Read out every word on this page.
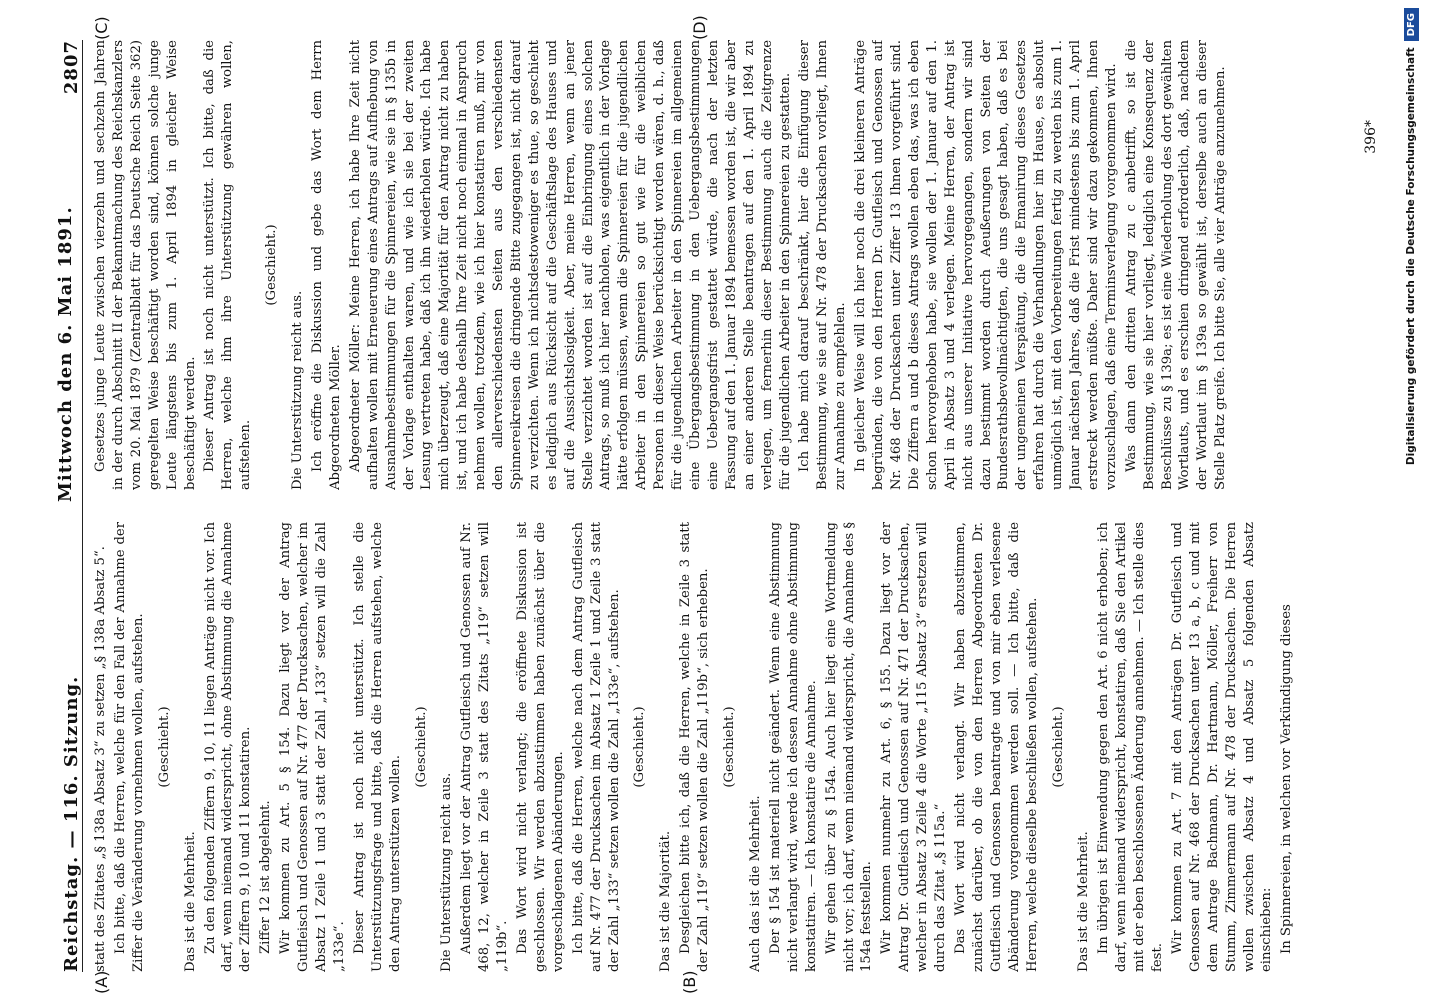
Reichstag. — 116. Sitzung.
Mittwoch den 6. Mai 1891.
2807
(A)	(B)
(C)	(D)

statt des Zitates „§ 138a Absatz 3“ zu setzen „§ 138a Absatz 5“. Ich bitte, daß die Herren, welche für den Fall der Annahme der Ziffer die Veränderung vornehmen wollen, aufstehen. (Geschieht.)

Das ist die Mehrheit. Zu den folgenden Ziffern 9, 10, 11 liegen Anträge nicht vor. Ich darf, wenn niemand widerspricht, ohne Abstimmung die Annahme der Ziffern 9, 10 und 11 konstatiren. Ziffer 12 ist abgelehnt. Wir kommen zu Art. 5 § 154. Dazu liegt vor der Antrag Gutfleisch und Genossen auf Nr. 477 der Drucksachen, welcher im Absatz 1 Zeile 1 und 3 statt der Zahl „133“ setzen will die Zahl „133e“. Dieser Antrag ist noch nicht unterstützt. Ich stelle die Unterstützungsfrage und bitte, daß die Herren aufstehen, welche den Antrag unterstützen wollen.

(Geschieht.)

Die Unterstützung reicht aus. Außerdem liegt vor der Antrag Gutfleisch und Genossen auf Nr. 468, 12, welcher in Zeile 3 statt des Zitats „119“ setzen will „119b“. Das Wort wird nicht verlangt; die eröffnete Diskussion ist geschlossen. Wir werden abzustimmen haben zunächst über die vorgeschlagenen Abänderungen. Ich bitte, daß die Herren, welche nach dem Antrag Gutfleisch auf Nr. 477 der Drucksachen im Absatz 1 Zeile 1 und Zeile 3 statt der Zahl „133“ setzen wollen die Zahl „133e“, aufstehen. (Geschieht.)

Das ist die Majorität. Desgleichen bitte ich, daß die Herren, welche in Zeile 3 statt der Zahl „119“ setzen wollen die Zahl „119b“, sich erheben. (Geschieht.)

Auch das ist die Mehrheit. Der § 154 ist materiell nicht geändert. Wenn eine Abstimmung nicht verlangt wird, werde ich dessen Annahme ohne Abstimmung konstatiren. — Ich konstatire die Annahme. Wir gehen über zu § 154a. Auch hier liegt eine Wortmeldung nicht vor; ich darf, wenn niemand widerspricht, die Annahme des § 154a feststellen. Wir kommen nunmehr zu Art. 6, § 155. Dazu liegt vor der Antrag Dr. Gutfleisch und Genossen auf Nr. 471 der Drucksachen, welcher in Absatz 3 Zeile 4 die Worte „115 Absatz 3“ ersetzen will durch das Zitat „§ 115a.“ Das Wort wird nicht verlangt. Wir haben abzustimmen, zunächst darüber, ob die von den Herren Abgeordneten Dr. Gutfleisch und Genossen beantragte und von mir eben verlesene Abänderung vorgenommen werden soll. — Ich bitte, daß die Herren, welche dieselbe beschließen wollen, aufstehen. (Geschieht.)

Das ist die Mehrheit. Im übrigen ist Einwendung gegen den Art. 6 nicht erhoben; ich darf, wenn niemand widerspricht, konstatiren, daß Sie den Artikel mit der eben beschlossenen Änderung annehmen. — Ich stelle dies fest.

Wir kommen zu Art. 7 mit den Anträgen Dr. Gutfleisch und Genossen auf Nr. 468 der Drucksachen unter 13 a, b, c und mit dem Antrage Bachmann, Dr. Hartmann, Möller, Freiherr von Stumm, Zimmermann auf Nr. 478 der Drucksachen. Die Herren wollen zwischen Absatz 4 und Absatz 5 folgenden Absatz einschieben: In Spinnereien, in welchen vor Verkündigung dieses

Gesetzes junge Leute zwischen vierzehn und sechzehn Jahren in der durch Abschnitt II der Bekanntmachung des Reichskanzlers vom 20. Mai 1879 (Zentralblatt für das Deutsche Reich Seite 362) geregelten Weise beschäftigt worden sind, können solche junge Leute längstens bis zum 1. April 1894 in gleicher Weise beschäftigt werden. Dieser Antrag ist noch nicht unterstützt. Ich bitte, daß die Herren, welche ihm ihre Unterstützung gewähren wollen, aufstehen.

(Geschieht.)

Die Unterstützung reicht aus. Ich eröffne die Diskussion und gebe das Wort dem Herrn Abgeordneten Möller. Abgeordneter Möller: Meine Herren, ich habe Ihre Zeit nicht aufhalten wollen mit Erneuerung eines Antrags auf Aufhebung von Ausnahmebestimmungen für die Spinnereien, wie sie in § 135b in der Vorlage enthalten waren, und wie ich sie bei der zweiten Lesung vertreten habe, daß ich ihn wiederholen würde. Ich habe mich überzeugt, daß eine Majorität für den Antrag nicht zu haben ist, und ich habe deshalb Ihre Zeit nicht noch einmal in Anspruch nehmen wollen, trotzdem, wie ich hier konstatiren muß, mir von den allerverschiedensten Seiten aus den verschiedensten Spinnereikreisen die dringende Bitte zugegangen ist, nicht darauf zu verzichten. Wenn ich nichtsdestoweniger es thue, so geschieht es lediglich aus Rücksicht auf die Geschäftslage des Hauses und auf die Aussichtslosigkeit. Aber, meine Herren, wenn an jener Stelle verzichtet worden ist auf die Einbringung eines solchen Antrags, so muß ich hier nachholen, was eigentlich in der Vorlage hätte erfolgen müssen, wenn die Spinnereien für die jugendlichen Arbeiter in den Spinnereien so gut wie für die weiblichen Personen in dieser Weise berücksichtigt worden wären, d. h., daß für die jugendlichen Arbeiter in den Spinnereien im allgemeinen eine Übergangsbestimmung in den Uebergangsbestimmungen eine Uebergangsfrist gestattet würde, die nach der letzten Fassung auf den 1. Januar 1894 bemessen worden ist, die wir aber an einer anderen Stelle beantragen auf den 1. April 1894 zu verlegen, um fernerhin dieser Bestimmung auch die Zeitgrenze für die jugendlichen Arbeiter in den Spinnereien zu gestatten. Ich habe mich darauf beschränkt, hier die Einfügung dieser Bestimmung, wie sie auf Nr. 478 der Drucksachen vorliegt, Ihnen zur Annahme zu empfehlen. In gleicher Weise will ich hier noch die drei kleineren Anträge begründen, die von den Herren Dr. Gutfleisch und Genossen auf Nr. 468 der Drucksachen unter Ziffer 13 Ihnen vorgeführt sind. Die Ziffern a und b dieses Antrags wollen eben das, was ich eben schon hervorgehoben habe, sie wollen der 1. Januar auf den 1. April in Absatz 3 und 4 verlegen. Meine Herren, der Antrag ist nicht aus unserer Initiative hervorgegangen, sondern wir sind dazu bestimmt worden durch Aeußerungen von Seiten der Bundesrathsbevollmächtigten, die uns gesagt haben, daß es bei der ungemeinen Verspätung, die die Emanirung dieses Gesetzes erfahren hat durch die Verhandlungen hier im Hause, es absolut unmöglich ist, mit den Vorbereitungen fertig zu werden bis zum 1. Januar nächsten Jahres, daß die Frist mindestens bis zum 1. April erstreckt werden müßte. Daher sind wir dazu gekommen, Ihnen vorzuschlagen, daß eine Terminsverlegung vorgenommen wird. Was dann den dritten Antrag zu c anbetrifft, so ist die Bestimmung, wie sie hier vorliegt, lediglich eine Konsequenz der Beschlüsse zu § 139a; es ist eine Wiederholung des dort gewählten Wortlauts, und es erschien dringend erforderlich, daß, nachdem der Wortlaut im § 139a so gewählt ist, derselbe auch an dieser Stelle Platz greife. Ich bitte Sie, alle vier Anträge anzunehmen.	396* Digitalisierung gefördert durch die Deutsche Forschungsgemeinschaft
DFG
